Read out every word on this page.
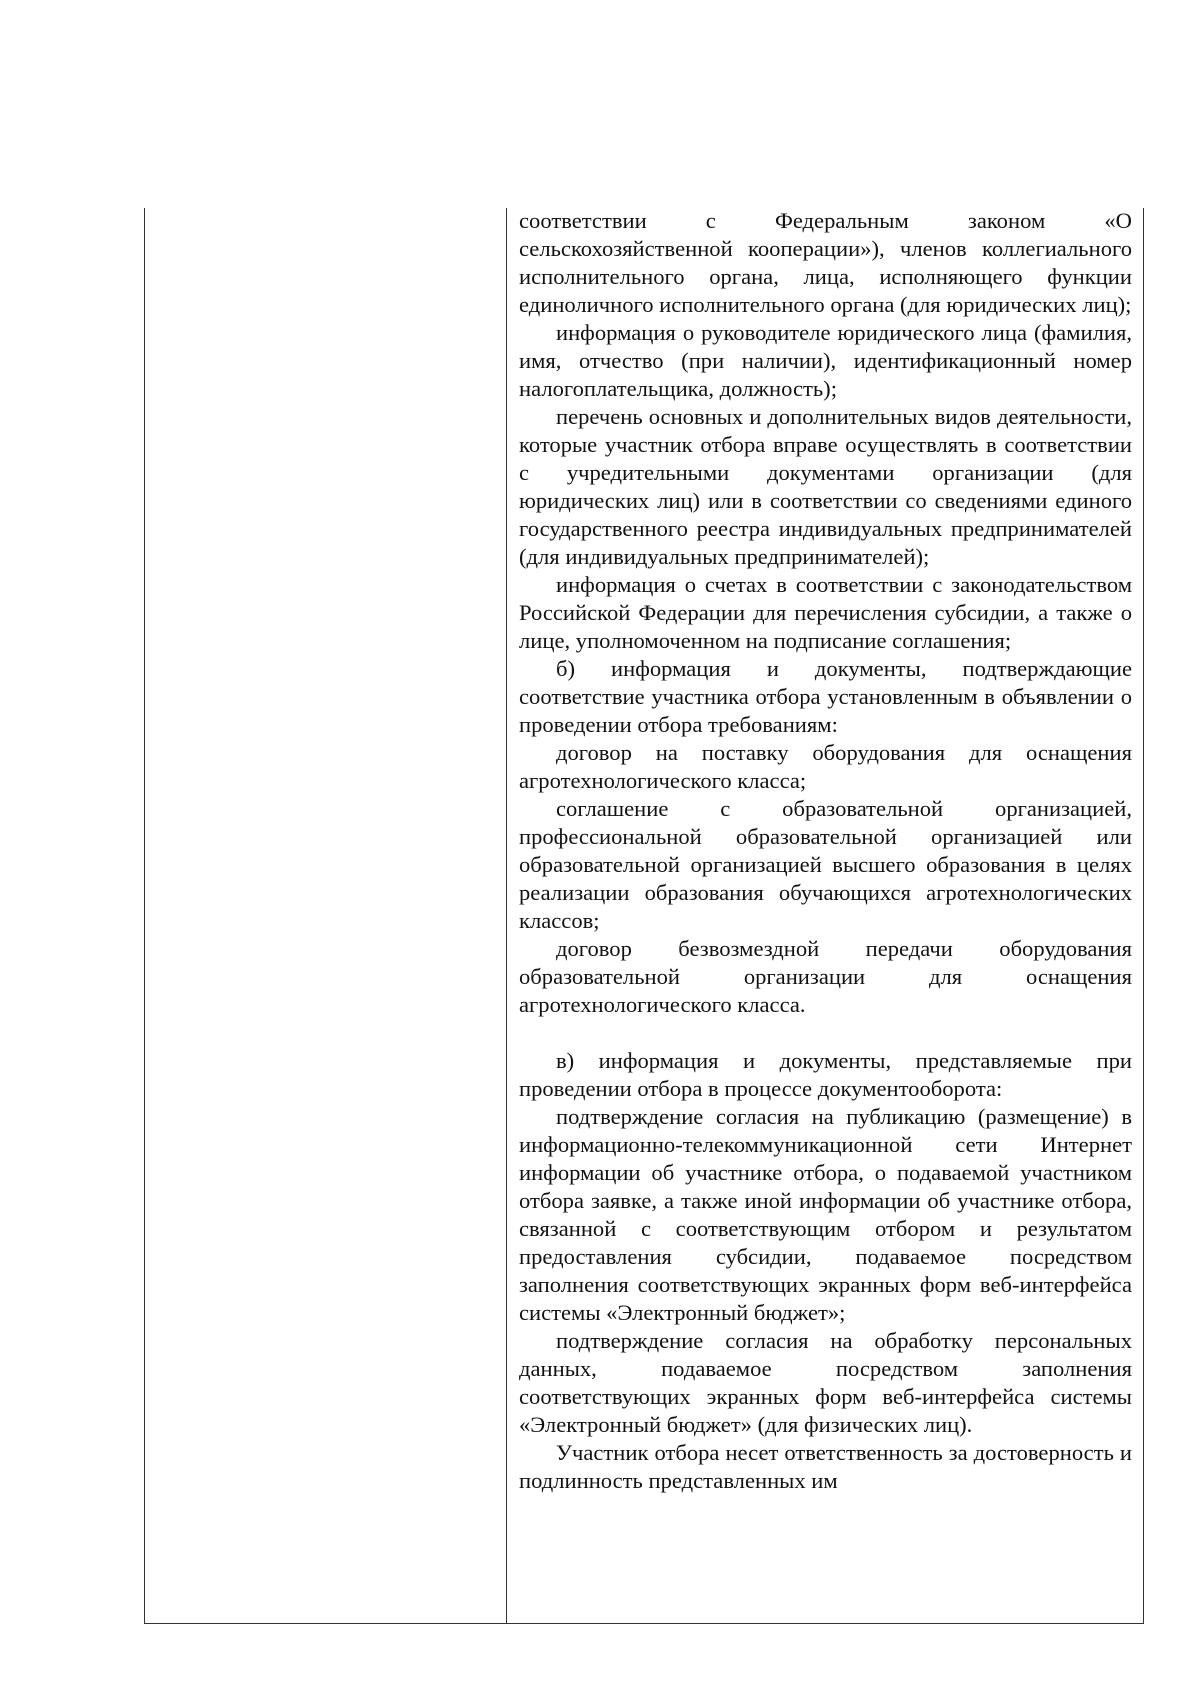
соответствии с Федеральным законом «О сельскохозяйственной кооперации»), членов коллегиального исполнительного органа, лица, исполняющего функции единоличного исполнительного органа (для юридических лиц);

информация о руководителе юридического лица (фамилия, имя, отчество (при наличии), идентификационный номер налогоплательщика, должность);

перечень основных и дополнительных видов деятельности, которые участник отбора вправе осуществлять в соответствии с учредительными документами организации (для юридических лиц) или в соответствии со сведениями единого государственного реестра индивидуальных предпринимателей (для индивидуальных предпринимателей);

информация о счетах в соответствии с законодательством Российской Федерации для перечисления субсидии, а также о лице, уполномоченном на подписание соглашения;

б) информация и документы, подтверждающие соответствие участника отбора установленным в объявлении о проведении отбора требованиям:

договор на поставку оборудования для оснащения агротехнологического класса;

соглашение с образовательной организацией, профессиональной образовательной организацией или образовательной организацией высшего образования в целях реализации образования обучающихся агротехнологических классов;

договор безвозмездной передачи оборудования образовательной организации для оснащения агротехнологического класса.

в) информация и документы, представляемые при проведении отбора в процессе документооборота:

подтверждение согласия на публикацию (размещение) в информационно-телекоммуникационной сети Интернет информации об участнике отбора, о подаваемой участником отбора заявке, а также иной информации об участнике отбора, связанной с соответствующим отбором и результатом предоставления субсидии, подаваемое посредством заполнения соответствующих экранных форм веб-интерфейса системы «Электронный бюджет»;

подтверждение согласия на обработку персональных данных, подаваемое посредством заполнения соответствующих экранных форм веб-интерфейса системы «Электронный бюджет» (для физических лиц).

Участник отбора несет ответственность за достоверность и подлинность представленных им
